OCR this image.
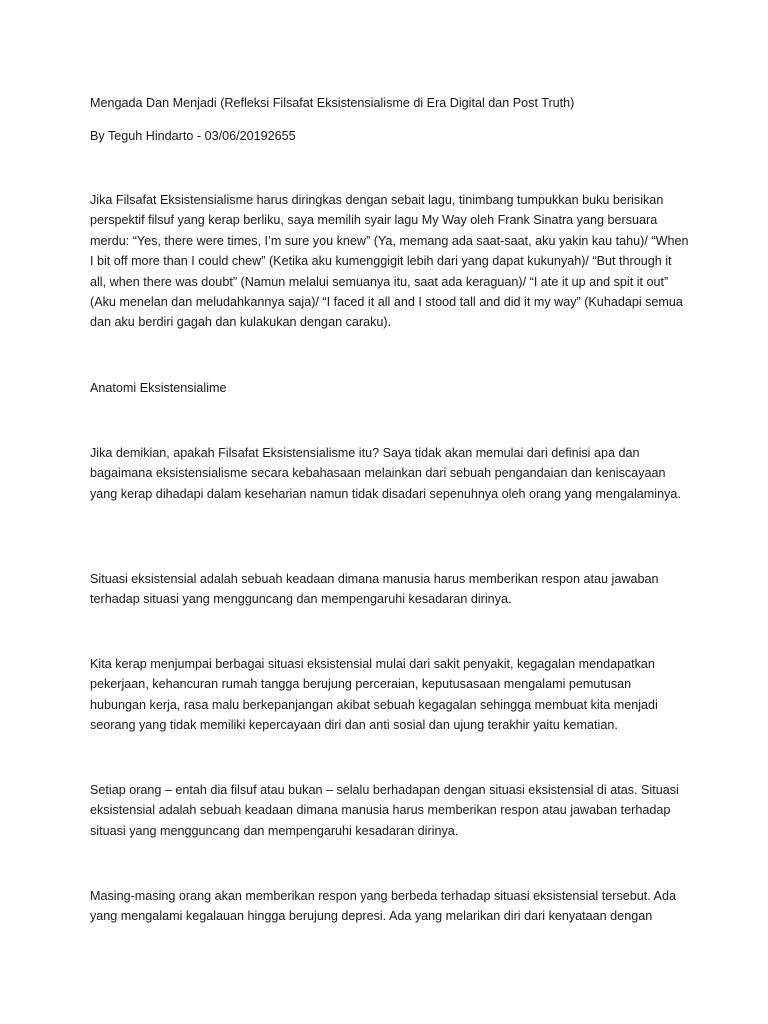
Mengada Dan Menjadi (Refleksi Filsafat Eksistensialisme di Era Digital dan Post Truth)

By Teguh Hindarto - 03/06/20192655

Jika Filsafat Eksistensialisme harus diringkas dengan sebait lagu, tinimbang tumpukkan buku berisikan perspektif filsuf yang kerap berliku, saya memilih syair lagu My Way oleh Frank Sinatra yang bersuara merdu: “Yes, there were times, I’m sure you knew” (Ya, memang ada saat-saat, aku yakin kau tahu)/ “When I bit off more than I could chew” (Ketika aku kumenggigit lebih dari yang dapat kukunyah)/ “But through it all, when there was doubt” (Namun melalui semuanya itu, saat ada keraguan)/ “I ate it up and spit it out” (Aku menelan dan meludahkannya saja)/ “I faced it all and I stood tall and did it my way” (Kuhadapi semua dan aku berdiri gagah dan kulakukan dengan caraku).

Anatomi Eksistensialime

Jika demikian, apakah Filsafat Eksistensialisme itu? Saya tidak akan memulai dari definisi apa dan bagaimana eksistensialisme secara kebahasaan melainkan dari sebuah pengandaian dan keniscayaan yang kerap dihadapi dalam keseharian namun tidak disadari sepenuhnya oleh orang yang mengalaminya.

Situasi eksistensial adalah sebuah keadaan dimana manusia harus memberikan respon atau jawaban terhadap situasi yang mengguncang dan mempengaruhi kesadaran dirinya.

Kita kerap menjumpai berbagai situasi eksistensial mulai dari sakit penyakit, kegagalan mendapatkan pekerjaan, kehancuran rumah tangga berujung perceraian, keputusasaan mengalami pemutusan hubungan kerja, rasa malu berkepanjangan akibat sebuah kegagalan sehingga membuat kita menjadi seorang yang tidak memiliki kepercayaan diri dan anti sosial dan ujung terakhir yaitu kematian.

Setiap orang – entah dia filsuf atau bukan – selalu berhadapan dengan situasi eksistensial di atas. Situasi eksistensial adalah sebuah keadaan dimana manusia harus memberikan respon atau jawaban terhadap situasi yang mengguncang dan mempengaruhi kesadaran dirinya.

Masing-masing orang akan memberikan respon yang berbeda terhadap situasi eksistensial tersebut. Ada yang mengalami kegalauan hingga berujung depresi. Ada yang melarikan diri dari kenyataan dengan
